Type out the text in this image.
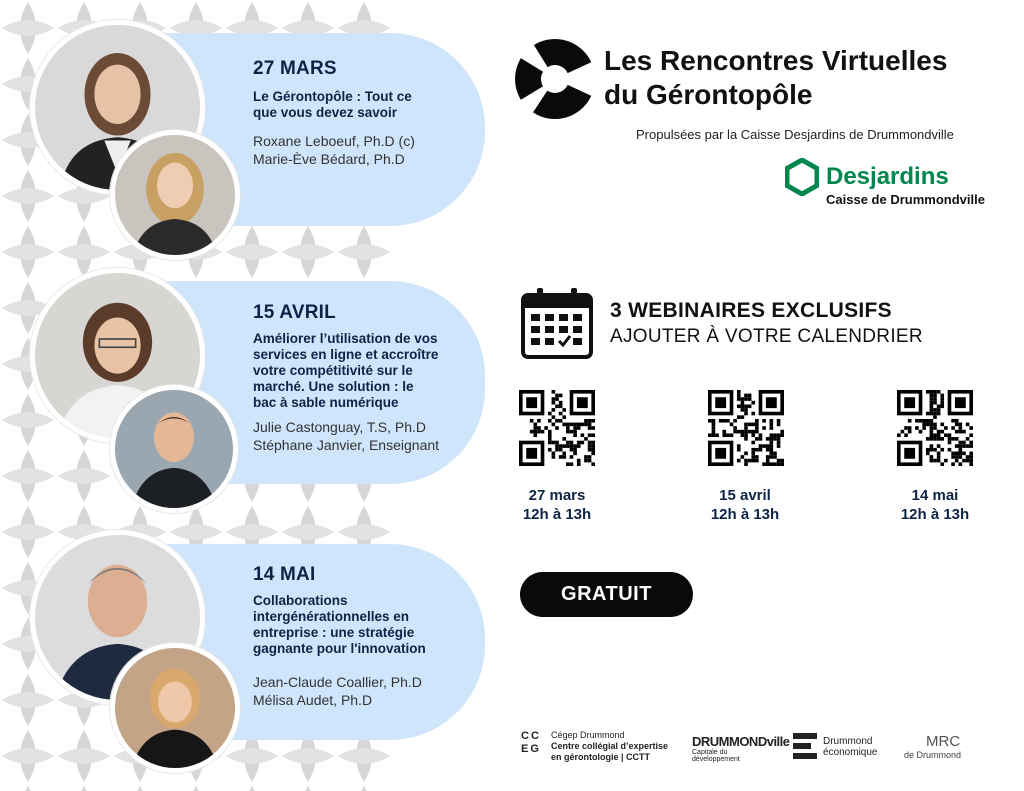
27 MARS
Le Gérontopôle : Tout ce
que vous devez savoir
Roxane Leboeuf, Ph.D (c)
Marie-Ève Bédard, Ph.D
15 AVRIL
Améliorer l’utilisation de vos
services en ligne et accroître
votre compétitivité sur le
marché. Une solution : le
bac à sable numérique
Julie Castonguay, T.S, Ph.D
Stéphane Janvier, Enseignant
14 MAI
Collaborations
intergénérationnelles en
entreprise : une stratégie
gagnante pour l'innovation
Jean-Claude Coallier, Ph.D
Mélisa Audet, Ph.D
Les Rencontres Virtuelles
du Gérontopôle
Propulsées par la Caisse Desjardins de Drummondville
Desjardins
Caisse de Drummondville
3 WEBINAIRES EXCLUSIFS
AJOUTER À VOTRE CALENDRIER
27 mars
12h à 13h
15 avril
12h à 13h
14 mai
12h à 13h
GRATUIT
CC
EG
Cégep Drummond
Centre collégial d’expertise
en gérontologie | CCTT
DRUMMONDville
Capitale du développement
Drummond
économique
MRC
de Drummond
